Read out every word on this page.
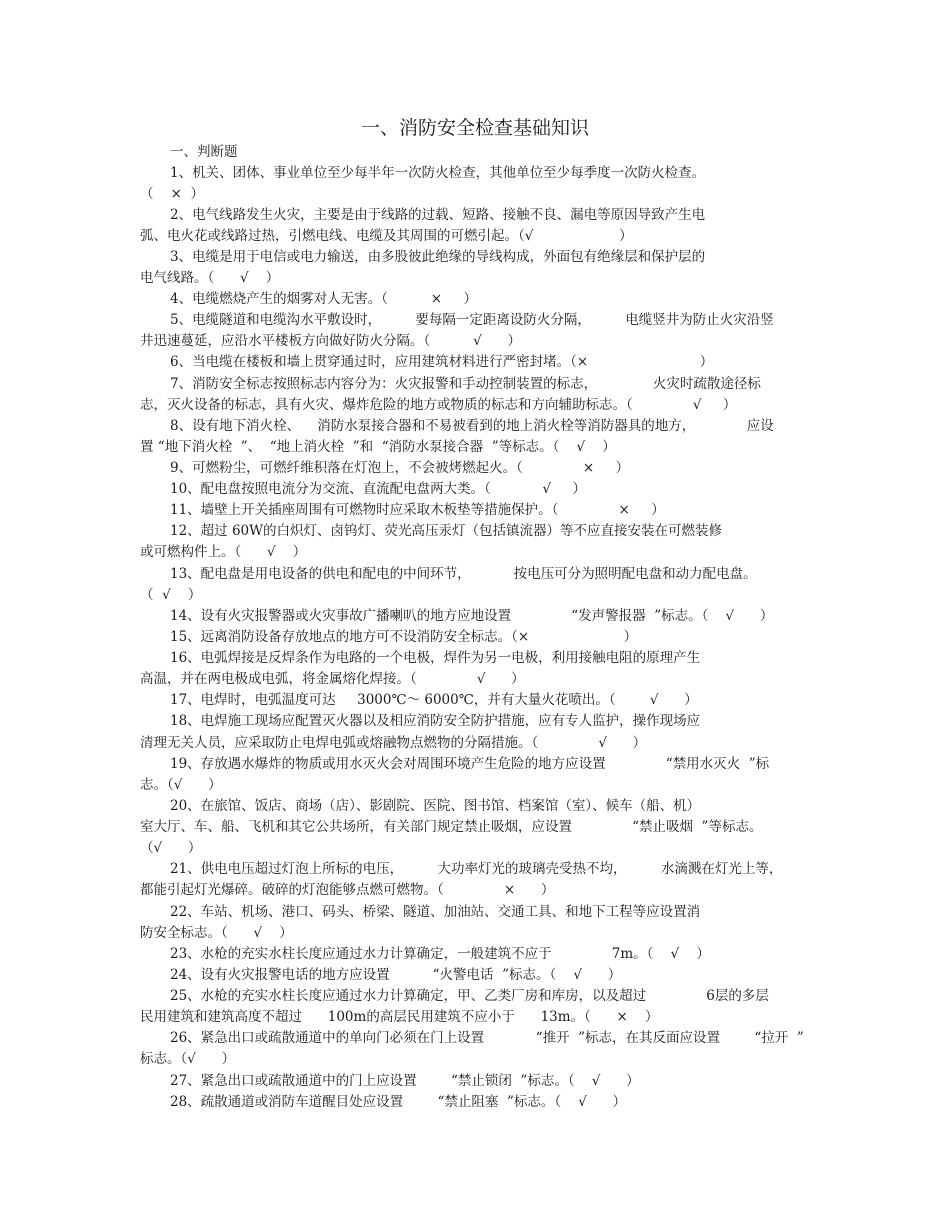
一、消防安全检查基础知识
一、判断题
1、机关、团体、事业单位至少每半年一次防火检查，其他单位至少每季度一次防火检查。
（    ×  ）
2、电气线路发生火灾，主要是由于线路的过载、短路、接触不良、漏电等原因导致产生电
弧、电火花或线路过热，引燃电线、电缆及其周围的可燃引起。（√                    ）
3、电缆是用于电信或电力输送，由多股彼此绝缘的导线构成，外面包有绝缘层和保护层的
电气线路。（      √    ）
4、电缆燃烧产生的烟雾对人无害。（          ×     ）
5、电缆隧道和电缆沟水平敷设时，        要每隔一定距离设防火分隔，        电缆竖井为防止火灾沿竖
井迅速蔓延，应沿水平楼板方向做好防火分隔。（          √      ）
6、当电缆在楼板和墙上贯穿通过时，应用建筑材料进行严密封堵。（×                          ）
7、消防安全标志按照标志内容分为：火灾报警和手动控制装置的标志，             火灾时疏散途径标
志，灭火设备的标志，具有火灾、爆炸危险的地方或物质的标志和方向辅助标志。（              √     ）
8、设有地下消火栓、    消防水泵接合器和不易被看到的地上消火栓等消防器具的地方，            应设
置 “地下消火栓  ”、  “地上消火栓  ”和  “消防水泵接合器  ”等标志。（    √    ）
9、可燃粉尘，可燃纤维积落在灯泡上，不会被烤燃起火。（              ×     ）
10、配电盘按照电流分为交流、直流配电盘两大类。（            √     ）
11、墙壁上开关插座周围有可燃物时应采取木板垫等措施保护。（              ×     ）
12、超过 60W的白炽灯、卤钨灯、荧光高压汞灯（包括镇流器）等不应直接安装在可燃装修
或可燃构件上。（      √    ）
13、配电盘是用电设备的供电和配电的中间环节，          按电压可分为照明配电盘和动力配电盘。
（  √    ）
14、设有火灾报警器或火灾事故广播喇叭的地方应地设置              “发声警报器  ”标志。（    √      ）
15、远离消防设备存放地点的地方可不设消防安全标志。（×                      ）
16、电弧焊接是反焊条作为电路的一个电极，焊件为另一电极，利用接触电阻的原理产生
高温，并在两电极成电弧，将金属熔化焊接。（              √      ）
17、电焊时，电弧温度可达     3000℃～ 6000℃，并有大量火花喷出。（        √      ）
18、电焊施工现场应配置灭火器以及相应消防安全防护措施，应有专人监护，操作现场应
清理无关人员，应采取防止电焊电弧或熔融物点燃物的分隔措施。（              √      ）
19、存放遇水爆炸的物质或用水灭火会对周围环境产生危险的地方应设置              “禁用水灭火  ”标
志。（√      ）
20、在旅馆、饭店、商场（店）、影剧院、医院、图书馆、档案馆（室）、候车（船、机）
室大厅、车、船、飞机和其它公共场所，有关部门规定禁止吸烟，应设置              “禁止吸烟  ”等标志。
（√      ）
21、供电电压超过灯泡上所标的电压，        大功率灯光的玻璃壳受热不均，        水滴溅在灯光上等，
都能引起灯光爆碎。破碎的灯泡能够点燃可燃物。（              ×      ）
22、车站、机场、港口、码头、桥梁、隧道、加油站、交通工具、和地下工程等应设置消
防安全标志。（      √    ）
23、水枪的充实水柱长度应通过水力计算确定，一般建筑不应于              7m。（    √    ）
24、设有火灾报警电话的地方应设置          “火警电话  ”标志。（    √      ）
25、水枪的充实水柱长度应通过水力计算确定，甲、乙类厂房和库房，以及超过              6层的多层
民用建筑和建筑高度不超过      100m的高层民用建筑不应小于      13m。（      ×    ）
26、紧急出口或疏散通道中的单向门必须在门上设置            “推开  ”标志，在其反面应设置        “拉开  ”
标志。（√      ）
27、紧急出口或疏散通道中的门上应设置        “禁止锁闭  ”标志。（    √      ）
28、疏散通道或消防车道醒目处应设置        “禁止阻塞  ”标志。（    √      ）
